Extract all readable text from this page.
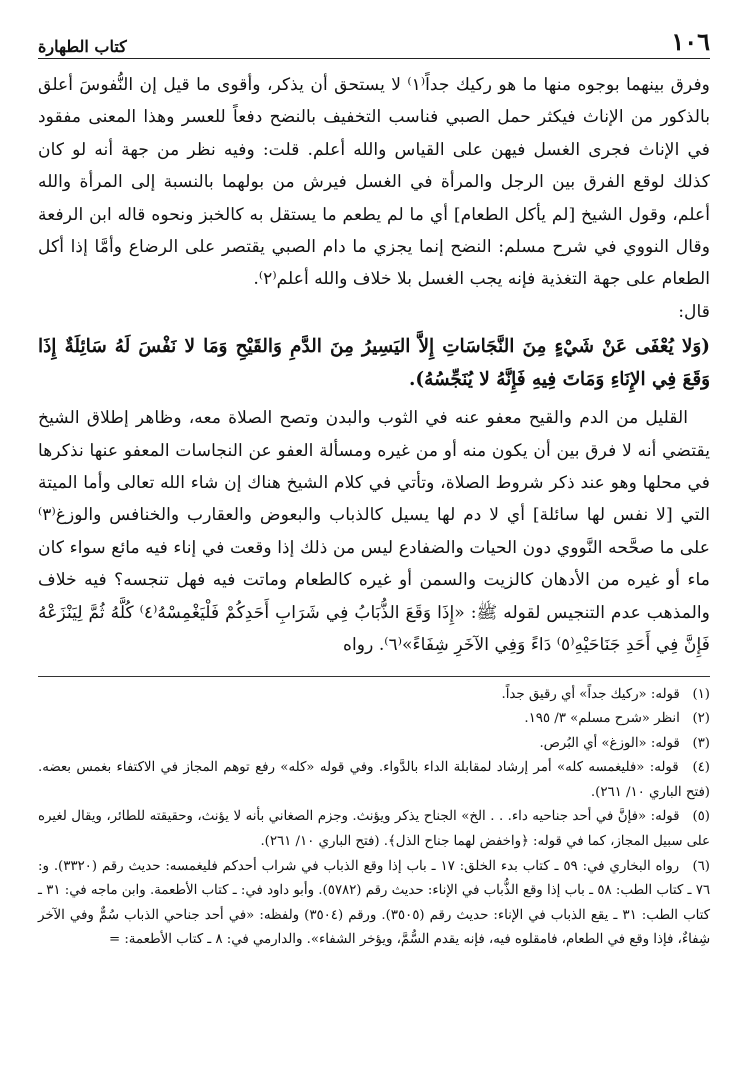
١٠٦
كتاب الطهارة

وفرق بينهما بوجوه منها ما هو ركيك جداً⁽١⁾ لا يستحق أن يذكر، وأقوى ما قيل إن النُّفوسَ أعلق بالذكور من الإناث فيكثر حمل الصبي فناسب التخفيف بالنضح دفعاً للعسر وهذا المعنى مفقود في الإناث فجرى الغسل فيهن على القياس والله أعلم. قلت: وفيه نظر من جهة أنه لو كان كذلك لوقع الفرق بين الرجل والمرأة في الغسل فيرش من بولهما بالنسبة إلى المرأة والله أعلم، وقول الشيخ [لم يأكل الطعام] أي ما لم يطعم ما يستقل به كالخبز ونحوه قاله ابن الرفعة وقال النووي في شرح مسلم: النضح إنما يجزي ما دام الصبي يقتصر على الرضاع وأمَّا إذا أكل الطعام على جهة التغذية فإنه يجب الغسل بلا خلاف والله أعلم⁽٢⁾.

قال:

(وَلا يُعْفَى عَنْ شَيْءٍ مِنَ النَّجَاسَاتِ إِلاَّ اليَسِيرُ مِنَ الدَّمِ وَالقَيْحِ وَمَا لا نَفْسَ لَهُ سَائِلَةٌ إِذَا وَقَعَ فِي الإِنَاءِ وَمَاتَ فِيهِ فَإِنَّهُ لا يُنَجِّسُهُ).

القليل من الدم والقيح معفو عنه في الثوب والبدن وتصح الصلاة معه، وظاهر إطلاق الشيخ يقتضي أنه لا فرق بين أن يكون منه أو من غيره ومسألة العفو عن النجاسات المعفو عنها نذكرها في محلها وهو عند ذكر شروط الصلاة، وتأتي في كلام الشيخ هناك إن شاء الله تعالى وأما الميتة التي [لا نفس لها سائلة] أي لا دم لها يسيل كالذباب والبعوض والعقارب والخنافس والوزغ⁽٣⁾ على ما صحَّحه النَّووي دون الحيات والضفادع ليس من ذلك إذا وقعت في إناء فيه مائع سواء كان ماء أو غيره من الأدهان كالزيت والسمن أو غيره كالطعام وماتت فيه فهل تنجسه؟ فيه خلاف والمذهب عدم التنجيس لقوله ﷺ: «إِذَا وَقَعَ الذُّبَابُ فِي شَرَابِ أَحَدِكُمْ فَلْيَغْمِسْهُ⁽٤⁾ كُلَّهُ ثُمَّ لِيَنْزَعْهُ فَإِنَّ فِي أَحَدِ جَنَاحَيْهِ⁽٥⁾ دَاءً وَفِي الآخَرِ شِفَاءً»⁽٦⁾. رواه

(١) قوله: «ركيك جداً» أي رقيق جداً.

(٢) انظر «شرح مسلم» ٣/ ١٩٥.

(٣) قوله: «الوزغ» أي البُرص.

(٤) قوله: «فليغمسه كله» أمر إرشاد لمقابلة الداء بالدَّواء. وفي قوله «كله» رفع توهم المجاز في الاكتفاء بغمس بعضه. (فتح الباري ١٠/ ٢٦١).

(٥) قوله: «فإنَّ في أحد جناحيه داء. . . الخ» الجناح يذكر ويؤنث. وجزم الصغاني بأنه لا يؤنث، وحقيقته للطائر، ويقال لغيره على سبيل المجاز، كما في قوله: ﴿واخفض لهما جناح الذل﴾. (فتح الباري ١٠/ ٢٦١).

(٦) رواه البخاري في: ٥٩ ـ كتاب بدء الخلق: ١٧ ـ باب إذا وقع الذباب في شراب أحدكم فليغمسه: حديث رقم (٣٣٢٠). و: ٧٦ ـ كتاب الطب: ٥٨ ـ باب إذا وقع الذُّباب في الإناء: حديث رقم (٥٧٨٢). وأبو داود في: ـ كتاب الأطعمة. وابن ماجه في: ٣١ ـ كتاب الطب: ٣١ ـ يقع الذباب في الإناء: حديث رقم (٣٥٠٥). ورقم (٣٥٠٤) ولفظه: «في أحد جناحي الذباب سُمٌّ وفي الآخر شِفاءٌ، فإذا وقع في الطعام، فامقلوه فيه، فإنه يقدم السُّمَّ، ويؤخر الشفاء». والدارمي في: ٨ ـ كتاب الأطعمة: =
